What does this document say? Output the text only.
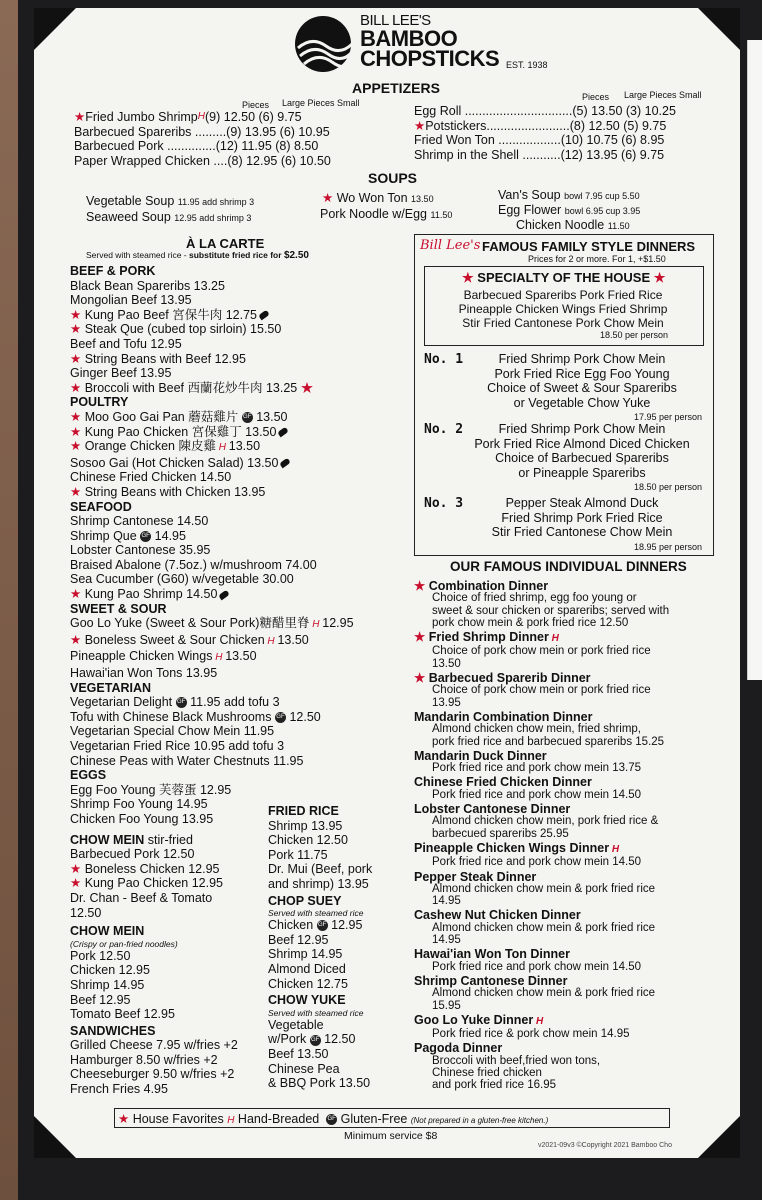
BILL LEE'S
BAMBOO
CHOPSTICKS EST. 1938
APPETIZERS
Pieces Large Pieces Small
Pieces Large Pieces Small
★ Fried Jumbo Shrimp H (9) 12.50 (6) 9.75
Barbecued Spareribs ......... (9) 13.95 (6) 10.95
Barbecued Pork .............. (12) 11.95 (8) 8.50
Paper Wrapped Chicken .... (8) 12.95 (6) 10.50
Egg Roll ............................... (5) 13.50 (3) 10.25
★ Potstickers........................ (8) 12.50 (5) 9.75
Fried Won Ton .................. (10) 10.75 (6) 8.95
Shrimp in the Shell ........... (12) 13.95 (6) 9.75
SOUPS
Vegetable Soup 11.95 add shrimp 3
Seaweed Soup 12.95 add shrimp 3
★ Wo Won Ton 13.50
Pork Noodle w/Egg 11.50
Van's Soup bowl 7.95 cup 5.50
Egg Flower bowl 6.95 cup 3.95
Chicken Noodle 11.50
À LA CARTE
Served with steamed rice - substitute fried rice for $2.50
BEEF & PORK
Black Bean Spareribs 13.25
Mongolian Beef 13.95
★ Kung Pao Beef 宮保牛肉 12.75
★ Steak Que (cubed top sirloin) 15.50
Beef and Tofu 12.95
★ String Beans with Beef 12.95
Ginger Beef 13.95
★ Broccoli with Beef 西蘭花炒牛肉 13.25 ★
POULTRY
★ Moo Goo Gai Pan 蘑菇雞片 GF 13.50
★ Kung Pao Chicken 宮保雞丁 13.50
★ Orange Chicken 陳皮雞 H 13.50
Sosoo Gai (Hot Chicken Salad) 13.50
Chinese Fried Chicken 14.50
★ String Beans with Chicken 13.95
SEAFOOD
Shrimp Cantonese 14.50
Shrimp Que GF 14.95
Lobster Cantonese 35.95
Braised Abalone (7.5oz.) w/mushroom 74.00
Sea Cucumber (G60) w/vegetable 30.00
★ Kung Pao Shrimp 14.50
SWEET & SOUR
Goo Lo Yuke (Sweet & Sour Pork)糖醋里脊 H 12.95
★ Boneless Sweet & Sour Chicken H 13.50
Pineapple Chicken Wings H 13.50
Hawai'ian Won Tons 13.95
VEGETARIAN
Vegetarian Delight GF 11.95 add tofu 3
Tofu with Chinese Black Mushrooms GF 12.50
Vegetarian Special Chow Mein 11.95
Vegetarian Fried Rice 10.95 add tofu 3
Chinese Peas with Water Chestnuts 11.95
EGGS
Egg Foo Young 芙蓉蛋 12.95
Shrimp Foo Young 14.95
Chicken Foo Young 13.95
CHOW MEIN stir-fried
Barbecued Pork 12.50
★ Boneless Chicken 12.95
★ Kung Pao Chicken 12.95
Dr. Chan - Beef & Tomato
12.50
CHOW MEIN
(Crispy or pan-fried noodles)
Pork 12.50
Chicken 12.95
Shrimp 14.95
Beef 12.95
Tomato Beef 12.95
SANDWICHES
Grilled Cheese 7.95 w/fries +2
Hamburger 8.50 w/fries +2
Cheeseburger 9.50 w/fries +2
French Fries 4.95
FRIED RICE
Shrimp 13.95
Chicken 12.50
Pork 11.75
Dr. Mui (Beef, pork
and shrimp) 13.95
CHOP SUEY
Served with steamed rice
Chicken GF 12.95
Beef 12.95
Shrimp 14.95
Almond Diced
Chicken 12.75
CHOW YUKE
Served with steamed rice
Vegetable
w/Pork GF 12.50
Beef 13.50
Chinese Pea
& BBQ Pork 13.50
Bill Lee's FAMOUS FAMILY STYLE DINNERS
Prices for 2 or more. For 1, +$1.50
★ SPECIALTY OF THE HOUSE ★
Barbecued Spareribs Pork Fried Rice
Pineapple Chicken Wings Fried Shrimp
Stir Fried Cantonese Pork Chow Mein
18.50 per person
No. 1	Fried Shrimp Pork Chow Mein
Pork Fried Rice Egg Foo Young
Choice of Sweet & Sour Spareribs
or Vegetable Chow Yuke
17.95 per person
No. 2	Fried Shrimp Pork Chow Mein
Pork Fried Rice Almond Diced Chicken
Choice of Barbecued Spareribs
or Pineapple Spareribs
18.50 per person
No. 3	Pepper Steak Almond Duck
Fried Shrimp Pork Fried Rice
Stir Fried Cantonese Chow Mein
18.95 per person
OUR FAMOUS INDIVIDUAL DINNERS
★ Combination Dinner
Choice of fried shrimp, egg foo young or
sweet & sour chicken or spareribs; served with
pork chow mein & pork fried rice 12.50
★ Fried Shrimp Dinner H
Choice of pork chow mein or pork fried rice
13.50
★ Barbecued Sparerib Dinner
Choice of pork chow mein or pork fried rice
13.95
Mandarin Combination Dinner
Almond chicken chow mein, fried shrimp,
pork fried rice and barbecued spareribs 15.25
Mandarin Duck Dinner
Pork fried rice and pork chow mein 13.75
Chinese Fried Chicken Dinner
Pork fried rice and pork chow mein 14.50
Lobster Cantonese Dinner
Almond chicken chow mein, pork fried rice &
barbecued spareribs 25.95
Pineapple Chicken Wings Dinner H
Pork fried rice and pork chow mein 14.50
Pepper Steak Dinner
Almond chicken chow mein & pork fried rice
14.95
Cashew Nut Chicken Dinner
Almond chicken chow mein & pork fried rice
14.95
Hawai'ian Won Ton Dinner
Pork fried rice and pork chow mein 14.50
Shrimp Cantonese Dinner
Almond chicken chow mein & pork fried rice
15.95
Goo Lo Yuke Dinner H
Pork fried rice & pork chow mein 14.95
Pagoda Dinner
Broccoli with beef,fried won tons,
Chinese fried chicken
and pork fried rice 16.95
★ House Favorites H Hand-Breaded GF Gluten-Free (Not prepared in a gluten-free kitchen.)
Minimum service $8
v2021-09v3 ©Copyright 2021 Bamboo Cho
